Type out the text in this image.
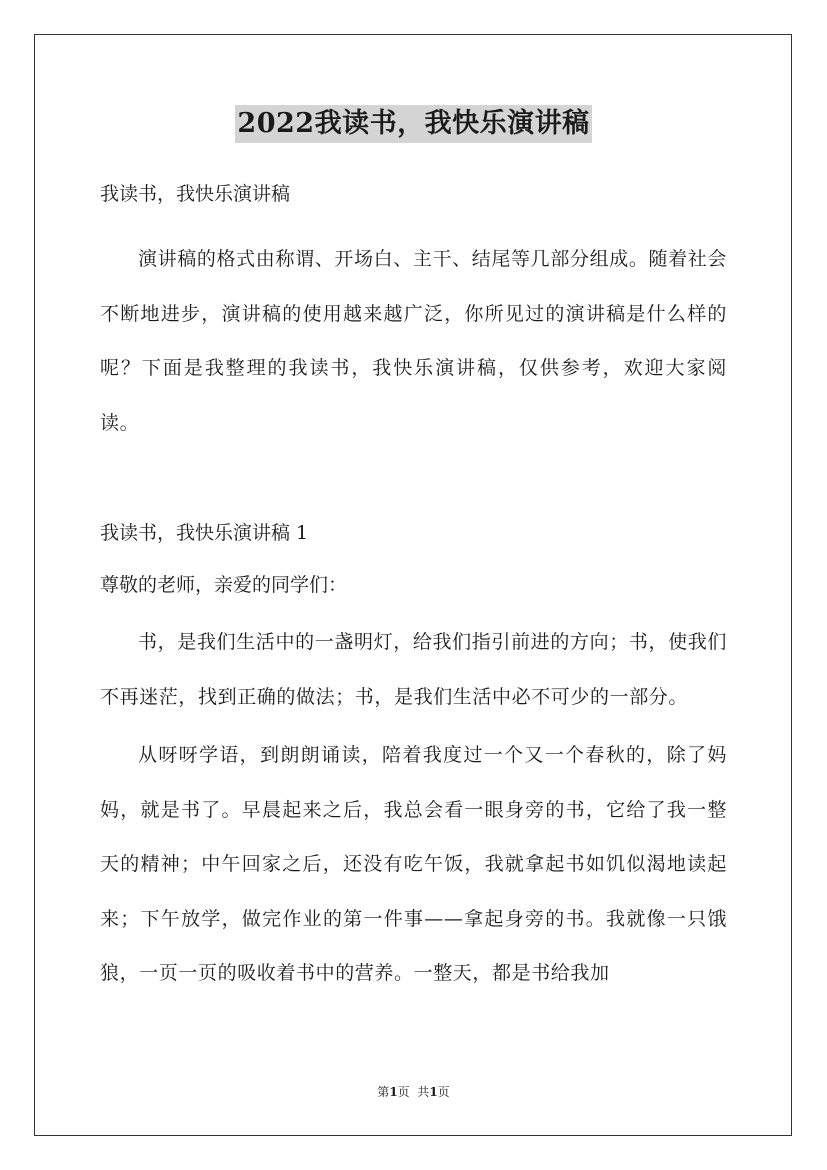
2022我读书，我快乐演讲稿
我读书，我快乐演讲稿

演讲稿的格式由称谓、开场白、主干、结尾等几部分组成。随着社会不断地进步，演讲稿的使用越来越广泛，你所见过的演讲稿是什么样的呢？下面是我整理的我读书，我快乐演讲稿，仅供参考，欢迎大家阅读。

我读书，我快乐演讲稿 1
尊敬的老师，亲爱的同学们：

书，是我们生活中的一盏明灯，给我们指引前进的方向；书，使我们不再迷茫，找到正确的做法；书，是我们生活中必不可少的一部分。

从呀呀学语，到朗朗诵读，陪着我度过一个又一个春秋的，除了妈妈，就是书了。早晨起来之后，我总会看一眼身旁的书，它给了我一整天的精神；中午回家之后，还没有吃午饭，我就拿起书如饥似渴地读起来；下午放学，做完作业的第一件事——拿起身旁的书。我就像一只饿狼，一页一页的吸收着书中的营养。一整天，都是书给我加

第1页  共1页
